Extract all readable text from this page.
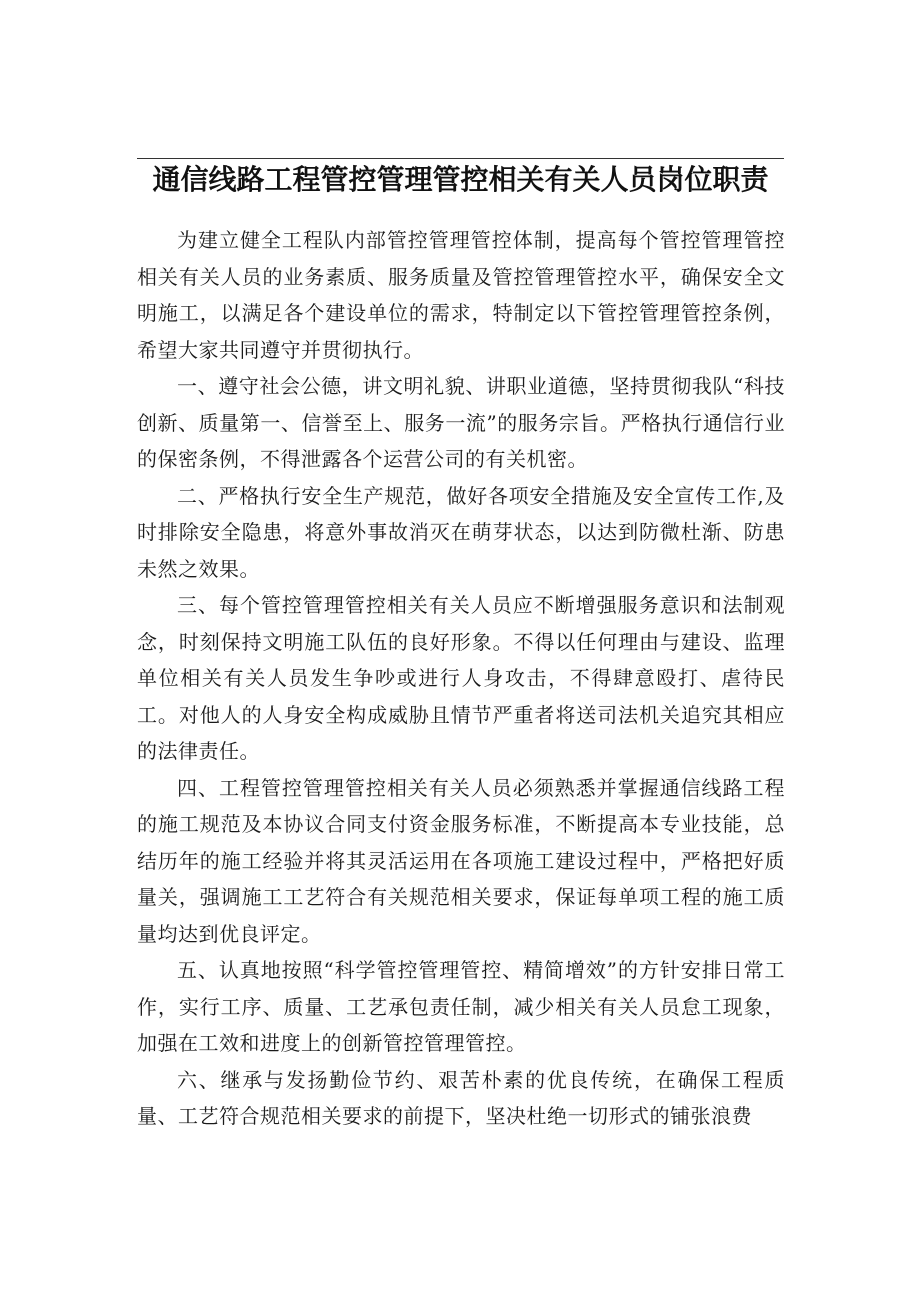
通信线路工程管控管理管控相关有关人员岗位职责

为建立健全工程队内部管控管理管控体制，提高每个管控管理管控相关有关人员的业务素质、服务质量及管控管理管控水平，确保安全文明施工，以满足各个建设单位的需求，特制定以下管控管理管控条例，希望大家共同遵守并贯彻执行。

一、遵守社会公德，讲文明礼貌、讲职业道德，坚持贯彻我队“科技创新、质量第一、信誉至上、服务一流”的服务宗旨。严格执行通信行业的保密条例，不得泄露各个运营公司的有关机密。

二、严格执行安全生产规范，做好各项安全措施及安全宣传工作,及时排除安全隐患，将意外事故消灭在萌芽状态，以达到防微杜渐、防患未然之效果。

三、每个管控管理管控相关有关人员应不断增强服务意识和法制观念，时刻保持文明施工队伍的良好形象。不得以任何理由与建设、监理单位相关有关人员发生争吵或进行人身攻击，不得肆意殴打、虐待民工。对他人的人身安全构成威胁且情节严重者将送司法机关追究其相应的法律责任。

四、工程管控管理管控相关有关人员必须熟悉并掌握通信线路工程的施工规范及本协议合同支付资金服务标准，不断提高本专业技能，总结历年的施工经验并将其灵活运用在各项施工建设过程中，严格把好质量关，强调施工工艺符合有关规范相关要求，保证每单项工程的施工质量均达到优良评定。

五、认真地按照“科学管控管理管控、精简增效”的方针安排日常工作，实行工序、质量、工艺承包责任制，减少相关有关人员怠工现象，加强在工效和进度上的创新管控管理管控。

六、继承与发扬勤俭节约、艰苦朴素的优良传统，在确保工程质量、工艺符合规范相关要求的前提下，坚决杜绝一切形式的铺张浪费
